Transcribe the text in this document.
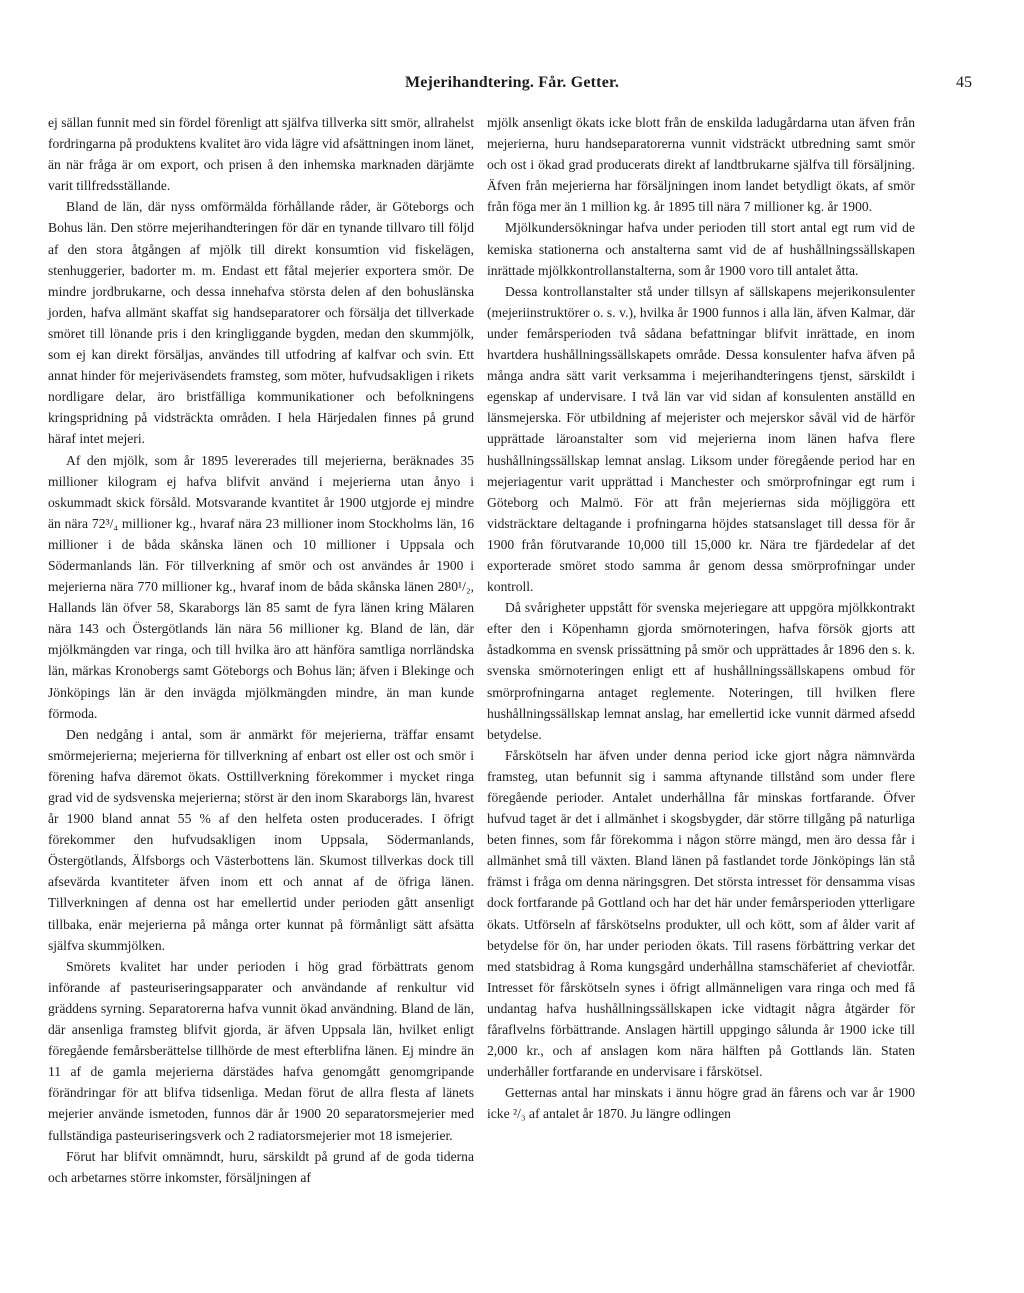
Mejerihandtering. Får. Getter.	45

ej sällan funnit med sin fördel förenligt att själfva tillverka sitt smör, allrahelst fordringarna på produktens kvalitet äro vida lägre vid afsättningen inom länet, än när fråga är om export, och prisen å den inhemska marknaden därjämte varit tillfredsställande.

Bland de län, där nyss omförmälda förhållande råder, är Göteborgs och Bohus län. Den större mejerihandteringen för där en tynande tillvaro till följd af den stora åtgången af mjölk till direkt konsumtion vid fiskelägen, stenhuggerier, badorter m. m. Endast ett fåtal mejerier exportera smör. De mindre jordbrukarne, och dessa innehafva största delen af den bohuslänska jorden, hafva allmänt skaffat sig handseparatorer och försälja det tillverkade smöret till lönande pris i den kringliggande bygden, medan den skummjölk, som ej kan direkt försäljas, användes till utfodring af kalfvar och svin. Ett annat hinder för mejeriväsendets framsteg, som möter, hufvudsakligen i rikets nordligare delar, äro bristfälliga kommunikationer och befolkningens kringspridning på vidsträckta områden. I hela Härjedalen finnes på grund häraf intet mejeri.

Af den mjölk, som år 1895 levererades till mejerierna, beräknades 35 millioner kilogram ej hafva blifvit använd i mejerierna utan ånyo i oskummadt skick försåld. Motsvarande kvantitet år 1900 utgjorde ej mindre än nära 72³/₄ millioner kg., hvaraf nära 23 millioner inom Stockholms län, 16 millioner i de båda skånska länen och 10 millioner i Uppsala och Södermanlands län. För tillverkning af smör och ost användes år 1900 i mejerierna nära 770 millioner kg., hvaraf inom de båda skånska länen 280¹/₂, Hallands län öfver 58, Skaraborgs län 85 samt de fyra länen kring Mälaren nära 143 och Östergötlands län nära 56 millioner kg. Bland de län, där mjölkmängden var ringa, och till hvilka äro att hänföra samtliga norrländska län, märkas Kronobergs samt Göteborgs och Bohus län; äfven i Blekinge och Jönköpings län är den invägda mjölkmängden mindre, än man kunde förmoda.

Den nedgång i antal, som är anmärkt för mejerierna, träffar ensamt smörmejerierna; mejerierna för tillverkning af enbart ost eller ost och smör i förening hafva däremot ökats. Osttillverkning förekommer i mycket ringa grad vid de sydsvenska mejerierna; störst är den inom Skaraborgs län, hvarest år 1900 bland annat 55 % af den helfeta osten producerades. I öfrigt förekommer den hufvudsakligen inom Uppsala, Södermanlands, Östergötlands, Älfsborgs och Västerbottens län. Skumost tillverkas dock till afsevärda kvantiteter äfven inom ett och annat af de öfriga länen. Tillverkningen af denna ost har emellertid under perioden gått ansenligt tillbaka, enär mejerierna på många orter kunnat på förmånligt sätt afsätta själfva skummjölken.

Smörets kvalitet har under perioden i hög grad förbättrats genom införande af pasteuriseringsapparater och användande af renkultur vid gräddens syrning. Separatorerna hafva vunnit ökad användning. Bland de län, där ansenliga framsteg blifvit gjorda, är äfven Uppsala län, hvilket enligt föregående femårsberättelse tillhörde de mest efterblifna länen. Ej mindre än 11 af de gamla mejerierna därstädes hafva genomgått genomgripande förändringar för att blifva tidsenliga. Medan förut de allra flesta af länets mejerier använde ismetoden, funnos där år 1900 20 separatorsmejerier med fullständiga pasteuriseringsverk och 2 radiatorsmejerier mot 18 ismejerier.

Förut har blifvit omnämndt, huru, särskildt på grund af de goda tiderna och arbetarnes större inkomster, försäljningen af

mjölk ansenligt ökats icke blott från de enskilda ladugårdarna utan äfven från mejerierna, huru handseparatorerna vunnit vidsträckt utbredning samt smör och ost i ökad grad producerats direkt af landtbrukarne själfva till försäljning. Äfven från mejerierna har försäljningen inom landet betydligt ökats, af smör från föga mer än 1 million kg. år 1895 till nära 7 millioner kg. år 1900.

Mjölkundersökningar hafva under perioden till stort antal egt rum vid de kemiska stationerna och anstalterna samt vid de af hushållningssällskapen inrättade mjölkkontrollanstalterna, som år 1900 voro till antalet åtta.

Dessa kontrollanstalter stå under tillsyn af sällskapens mejerikonsulenter (mejeriinstruktörer o. s. v.), hvilka år 1900 funnos i alla län, äfven Kalmar, där under femårsperioden två sådana befattningar blifvit inrättade, en inom hvartdera hushållningssällskapets område. Dessa konsulenter hafva äfven på många andra sätt varit verksamma i mejerihandteringens tjenst, särskildt i egenskap af undervisare. I två län var vid sidan af konsulenten anställd en länsmejerska. För utbildning af mejerister och mejerskor såväl vid de härför upprättade läroanstalter som vid mejerierna inom länen hafva flere hushållningssällskap lemnat anslag. Liksom under föregående period har en mejeriagentur varit upprättad i Manchester och smörprofningar egt rum i Göteborg och Malmö. För att från mejeriernas sida möjliggöra ett vidsträcktare deltagande i profningarna höjdes statsanslaget till dessa för år 1900 från förutvarande 10,000 till 15,000 kr. Nära tre fjärdedelar af det exporterade smöret stodo samma år genom dessa smörprofningar under kontroll.

Då svårigheter uppstått för svenska mejeriegare att uppgöra mjölkkontrakt efter den i Köpenhamn gjorda smörnoteringen, hafva försök gjorts att åstadkomma en svensk prissättning på smör och upprättades år 1896 den s. k. svenska smörnoteringen enligt ett af hushållningssällskapens ombud för smörprofningarna antaget reglemente. Noteringen, till hvilken flere hushållningssällskap lemnat anslag, har emellertid icke vunnit därmed afsedd betydelse.

Fårskötseln har äfven under denna period icke gjort några nämnvärda framsteg, utan befunnit sig i samma aftynande tillstånd som under flere föregående perioder. Antalet underhållna får minskas fortfarande. Öfver hufvud taget är det i allmänhet i skogsbygder, där större tillgång på naturliga beten finnes, som får förekomma i någon större mängd, men äro dessa får i allmänhet små till växten. Bland länen på fastlandet torde Jönköpings län stå främst i fråga om denna näringsgren. Det största intresset för densamma visas dock fortfarande på Gottland och har det här under femårsperioden ytterligare ökats. Utförseln af fårskötselns produkter, ull och kött, som af ålder varit af betydelse för ön, har under perioden ökats. Till rasens förbättring verkar det med statsbidrag å Roma kungsgård underhållna stamschäferiet af cheviotfår. Intresset för fårskötseln synes i öfrigt allmänneligen vara ringa och med få undantag hafva hushållningssällskapen icke vidtagit några åtgärder för fåraflvelns förbättrande. Anslagen härtill uppgingo sålunda år 1900 icke till 2,000 kr., och af anslagen kom nära hälften på Gottlands län. Staten underhåller fortfarande en undervisare i fårskötsel.

Getternas antal har minskats i ännu högre grad än fårens och var år 1900 icke ²/₃ af antalet år 1870. Ju längre odlingen
